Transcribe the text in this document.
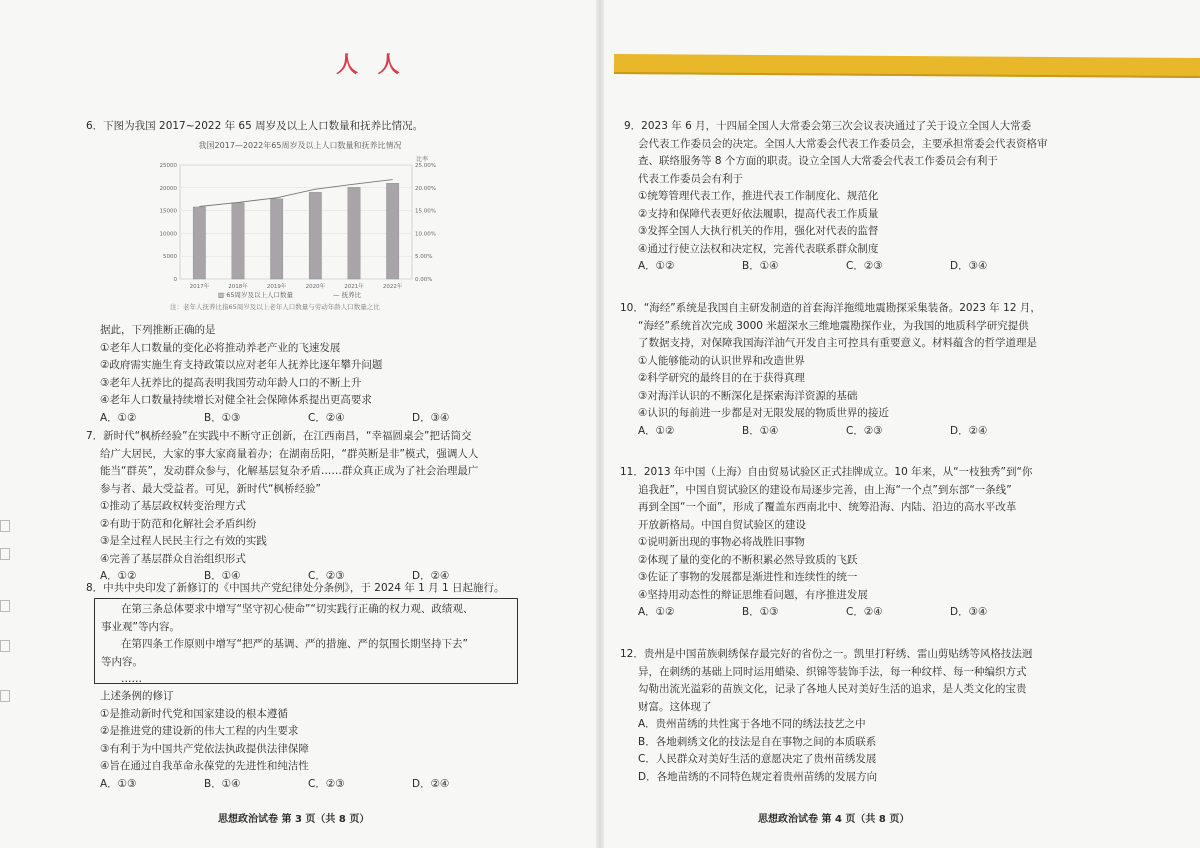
人 人
6．下图为我国 2017~2022 年 65 周岁及以上人口数量和抚养比情况。
我国2017—2022年65周岁及以上人口数量和抚养比情况
25000	25.00%
20000	20.00%
15000	15.00%
10000	10.00%
5000	5.00%
0	0.00%
比率
2017年	2018年	2019年	2020年	2021年	2022年
▥ 65周岁及以上人口数量	— 抚养比
注：老年人抚养比指65周岁及以上老年人口数量与劳动年龄人口数量之比
据此，下列推断正确的是
①老年人口数量的变化必将推动养老产业的飞速发展
②政府需实施生育支持政策以应对老年人抚养比逐年攀升问题
③老年人抚养比的提高表明我国劳动年龄人口的不断上升
④老年人口数量持续增长对健全社会保障体系提出更高要求
A．①②	B．①③	C．②④	D．③④
7．新时代“枫桥经验”在实践中不断守正创新，在江西南昌，“幸福圆桌会”把话筒交
给广大居民，大家的事大家商量着办；在湖南岳阳，“群英断是非”模式，强调人人
能当“群英”，发动群众参与，化解基层复杂矛盾……群众真正成为了社会治理最广
参与者、最大受益者。可见，新时代“枫桥经验”
①推动了基层政权转变治理方式
②有助于防范和化解社会矛盾纠纷
③是全过程人民民主行之有效的实践
④完善了基层群众自治组织形式
A．①②	B．①④	C．②③	D．②④
8．中共中央印发了新修订的《中国共产党纪律处分条例》，于 2024 年 1 月 1 日起施行。
在第三条总体要求中增写“坚守初心使命”“切实践行正确的权力观、政绩观、
事业观”等内容。
在第四条工作原则中增写“把严的基调、严的措施、严的氛围长期坚持下去”
等内容。
……
上述条例的修订
①是推动新时代党和国家建设的根本遵循
②是推进党的建设新的伟大工程的内生要求
③有利于为中国共产党依法执政提供法律保障
④旨在通过自我革命永葆党的先进性和纯洁性
A．①③	B．①④	C．②③	D．②④
思想政治试卷 第 3 页（共 8 页）
9．2023 年 6 月，十四届全国人大常委会第三次会议表决通过了关于设立全国人大常委
会代表工作委员会的决定。全国人大常委会代表工作委员会，主要承担常委会代表资格审
查、联络服务等 8 个方面的职责。设立全国人大常委会代表工作委员会有利于
代表工作委员会有利于
①统筹管理代表工作，推进代表工作制度化、规范化
②支持和保障代表更好依法履职，提高代表工作质量
③发挥全国人大执行机关的作用，强化对代表的监督
④通过行使立法权和决定权，完善代表联系群众制度
A．①②	B．①④	C．②③	D．③④
10．“海经”系统是我国自主研发制造的首套海洋拖缆地震勘探采集装备。2023 年 12 月，
“海经”系统首次完成 3000 米超深水三维地震勘探作业，为我国的地质科学研究提供
了数据支持，对保障我国海洋油气开发自主可控具有重要意义。材料蕴含的哲学道理是
①人能够能动的认识世界和改造世界
②科学研究的最终目的在于获得真理
③对海洋认识的不断深化是探索海洋资源的基础
④认识的每前进一步都是对无限发展的物质世界的接近
A．①②	B．①④	C．②③	D．②④
11．2013 年中国（上海）自由贸易试验区正式挂牌成立。10 年来，从“一枝独秀”到“你
追我赶”，中国自贸试验区的建设布局逐步完善，由上海“一个点”到东部“一条线”
再到全国“一个面”，形成了覆盖东西南北中、统筹沿海、内陆、沿边的高水平改革
开放新格局。中国自贸试验区的建设
①说明新出现的事物必将战胜旧事物
②体现了量的变化的不断积累必然导致质的飞跃
③佐证了事物的发展都是渐进性和连续性的统一
④坚持用动态性的辩证思维看问题，有序推进发展
A．①②	B．①③	C．②④	D．③④
12．贵州是中国苗族刺绣保存最完好的省份之一。凯里打籽绣、雷山剪贴绣等风格技法迥
异，在刺绣的基础上同时运用蜡染、织锦等装饰手法，每一种纹样、每一种编织方式
勾勒出流光溢彩的苗族文化，记录了各地人民对美好生活的追求，是人类文化的宝贵
财富。这体现了
A．贵州苗绣的共性寓于各地不同的绣法技艺之中
B．各地刺绣文化的技法是自在事物之间的本质联系
C．人民群众对美好生活的意愿决定了贵州苗绣发展
D．各地苗绣的不同特色规定着贵州苗绣的发展方向
思想政治试卷 第 4 页（共 8 页）
